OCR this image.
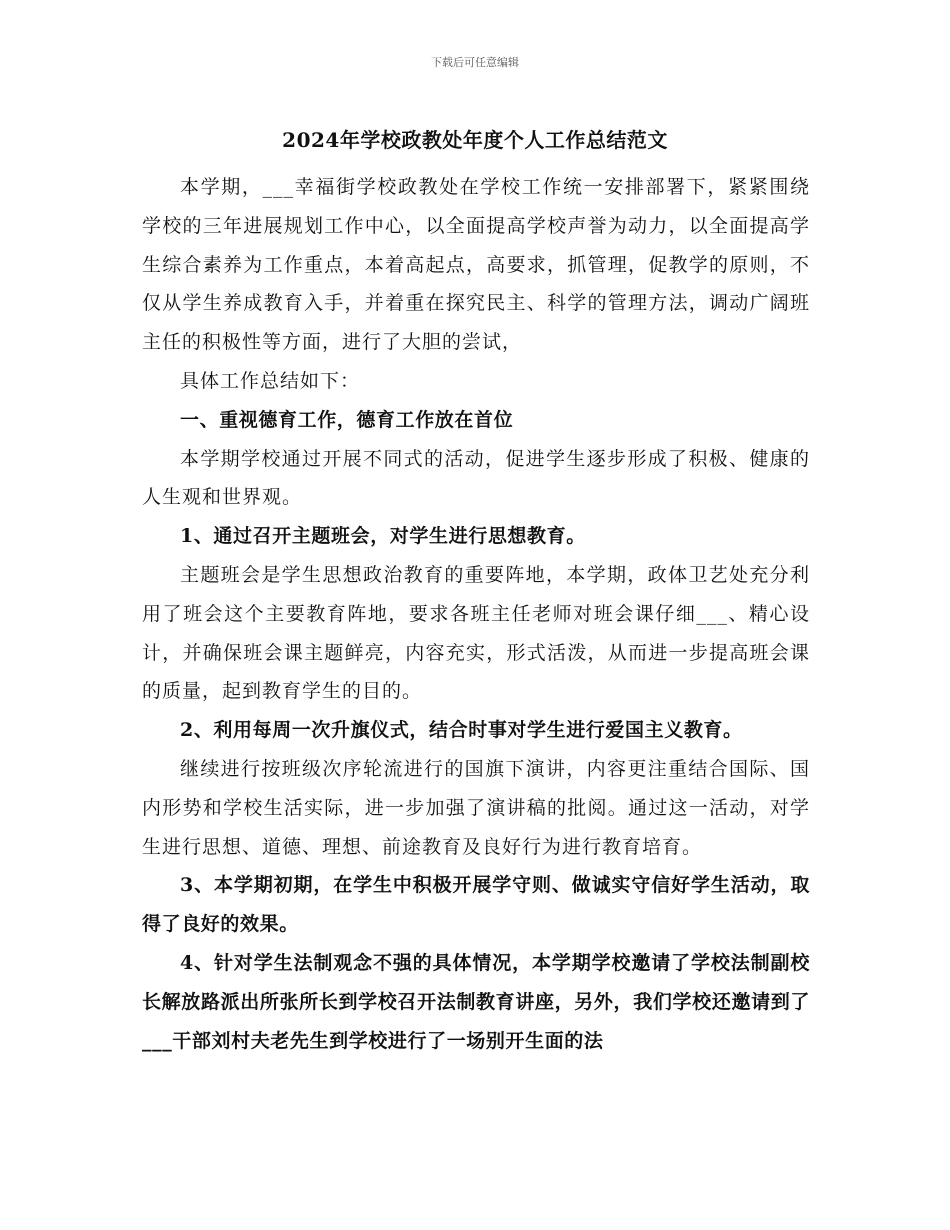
下载后可任意编辑
2024年学校政教处年度个人工作总结范文

本学期，___幸福街学校政教处在学校工作统一安排部署下，紧紧围绕学校的三年进展规划工作中心，以全面提高学校声誉为动力，以全面提高学生综合素养为工作重点，本着高起点，高要求，抓管理，促教学的原则，不仅从学生养成教育入手，并着重在探究民主、科学的管理方法，调动广阔班主任的积极性等方面，进行了大胆的尝试，

具体工作总结如下：

一、重视德育工作，德育工作放在首位

本学期学校通过开展不同式的活动，促进学生逐步形成了积极、健康的人生观和世界观。

1、通过召开主题班会，对学生进行思想教育。

主题班会是学生思想政治教育的重要阵地，本学期，政体卫艺处充分利用了班会这个主要教育阵地，要求各班主任老师对班会课仔细___、精心设计，并确保班会课主题鲜亮，内容充实，形式活泼，从而进一步提高班会课的质量，起到教育学生的目的。

2、利用每周一次升旗仪式，结合时事对学生进行爱国主义教育。

继续进行按班级次序轮流进行的国旗下演讲，内容更注重结合国际、国内形势和学校生活实际，进一步加强了演讲稿的批阅。通过这一活动，对学生进行思想、道德、理想、前途教育及良好行为进行教育培育。

3、本学期初期，在学生中积极开展学守则、做诚实守信好学生活动，取得了良好的效果。

4、针对学生法制观念不强的具体情况，本学期学校邀请了学校法制副校长解放路派出所张所长到学校召开法制教育讲座，另外，我们学校还邀请到了___干部刘村夫老先生到学校进行了一场别开生面的法
